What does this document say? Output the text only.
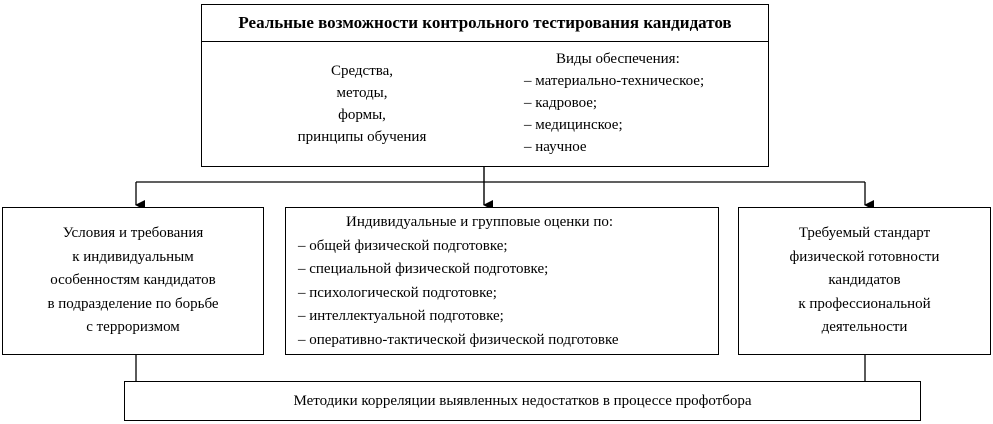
Реальные возможности контрольного тестирования кандидатов
Средства,
методы,
формы,
принципы обучения
Виды обеспечения:
– материально-техническое;
– кадровое;
– медицинское;
– научное
Условия и требования
к индивидуальным
особенностям кандидатов
в подразделение по борьбе
с терроризмом
Индивидуальные и групповые оценки по:
– общей физической подготовке;
– специальной физической подготовке;
– психологической подготовке;
– интеллектуальной подготовке;
– оперативно-тактической физической подготовке
Требуемый стандарт
физической готовности
кандидатов
к профессиональной
деятельности
Методики корреляции выявленных недостатков в процессе профотбора
